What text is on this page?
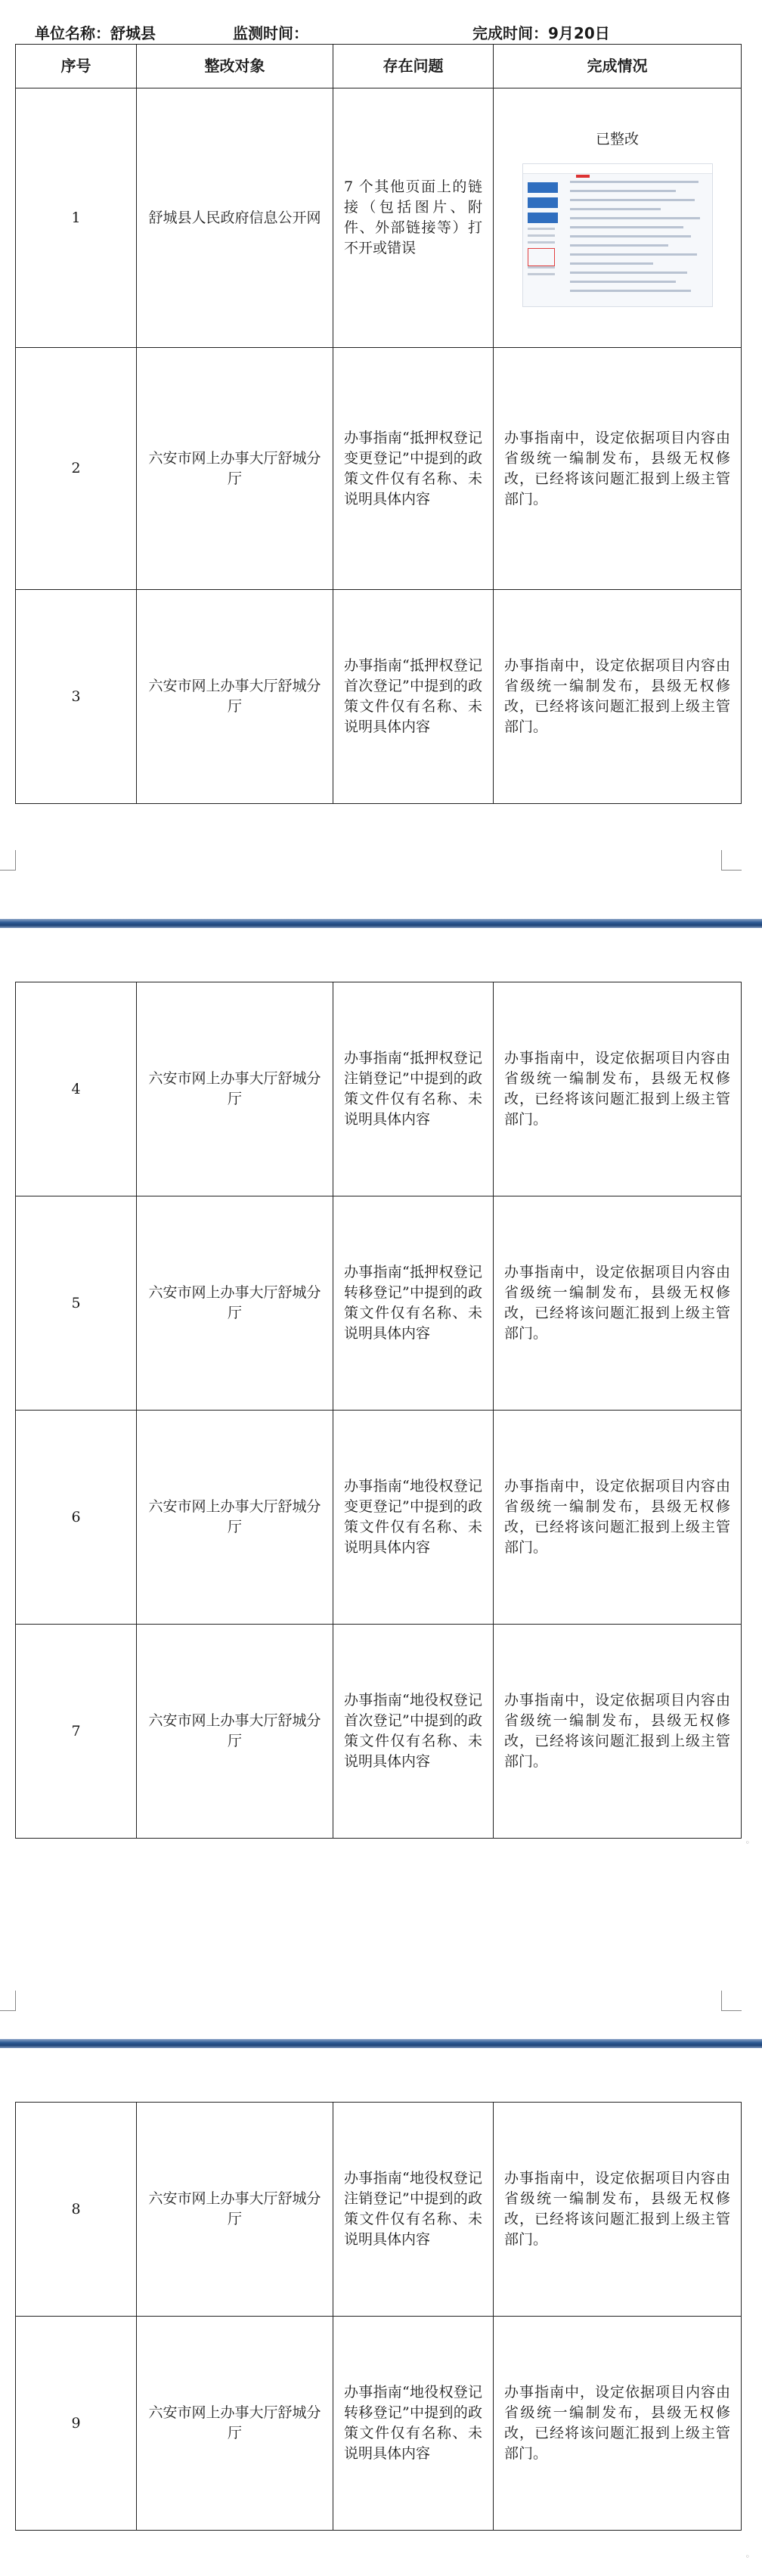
单位名称：舒城县	监测时间：	完成时间：9月20日
序号	整改对象	存在问题	完成情况
1	舒城县人民政府信息公开网	7 个其他页面上的链接（包括图片、附件、外部链接等）打不开或错误	已整改

2	六安市网上办事大厅舒城分厅	办事指南“抵押权登记变更登记”中提到的政策文件仅有名称、未说明具体内容	办事指南中，设定依据项目内容由省级统一编制发布，县级无权修改，已经将该问题汇报到上级主管部门。
3	六安市网上办事大厅舒城分厅	办事指南“抵押权登记首次登记”中提到的政策文件仅有名称、未说明具体内容	办事指南中，设定依据项目内容由省级统一编制发布，县级无权修改，已经将该问题汇报到上级主管部门。
4	六安市网上办事大厅舒城分厅	办事指南“抵押权登记注销登记”中提到的政策文件仅有名称、未说明具体内容	办事指南中，设定依据项目内容由省级统一编制发布，县级无权修改，已经将该问题汇报到上级主管部门。
5	六安市网上办事大厅舒城分厅	办事指南“抵押权登记转移登记”中提到的政策文件仅有名称、未说明具体内容	办事指南中，设定依据项目内容由省级统一编制发布，县级无权修改，已经将该问题汇报到上级主管部门。
6	六安市网上办事大厅舒城分厅	办事指南“地役权登记变更登记”中提到的政策文件仅有名称、未说明具体内容	办事指南中，设定依据项目内容由省级统一编制发布，县级无权修改，已经将该问题汇报到上级主管部门。
7	六安市网上办事大厅舒城分厅	办事指南“地役权登记首次登记”中提到的政策文件仅有名称、未说明具体内容	办事指南中，设定依据项目内容由省级统一编制发布，县级无权修改，已经将该问题汇报到上级主管部门。
◦
8	六安市网上办事大厅舒城分厅	办事指南“地役权登记注销登记”中提到的政策文件仅有名称、未说明具体内容	办事指南中，设定依据项目内容由省级统一编制发布，县级无权修改，已经将该问题汇报到上级主管部门。
9	六安市网上办事大厅舒城分厅	办事指南“地役权登记转移登记”中提到的政策文件仅有名称、未说明具体内容	办事指南中，设定依据项目内容由省级统一编制发布，县级无权修改，已经将该问题汇报到上级主管部门。
◦
